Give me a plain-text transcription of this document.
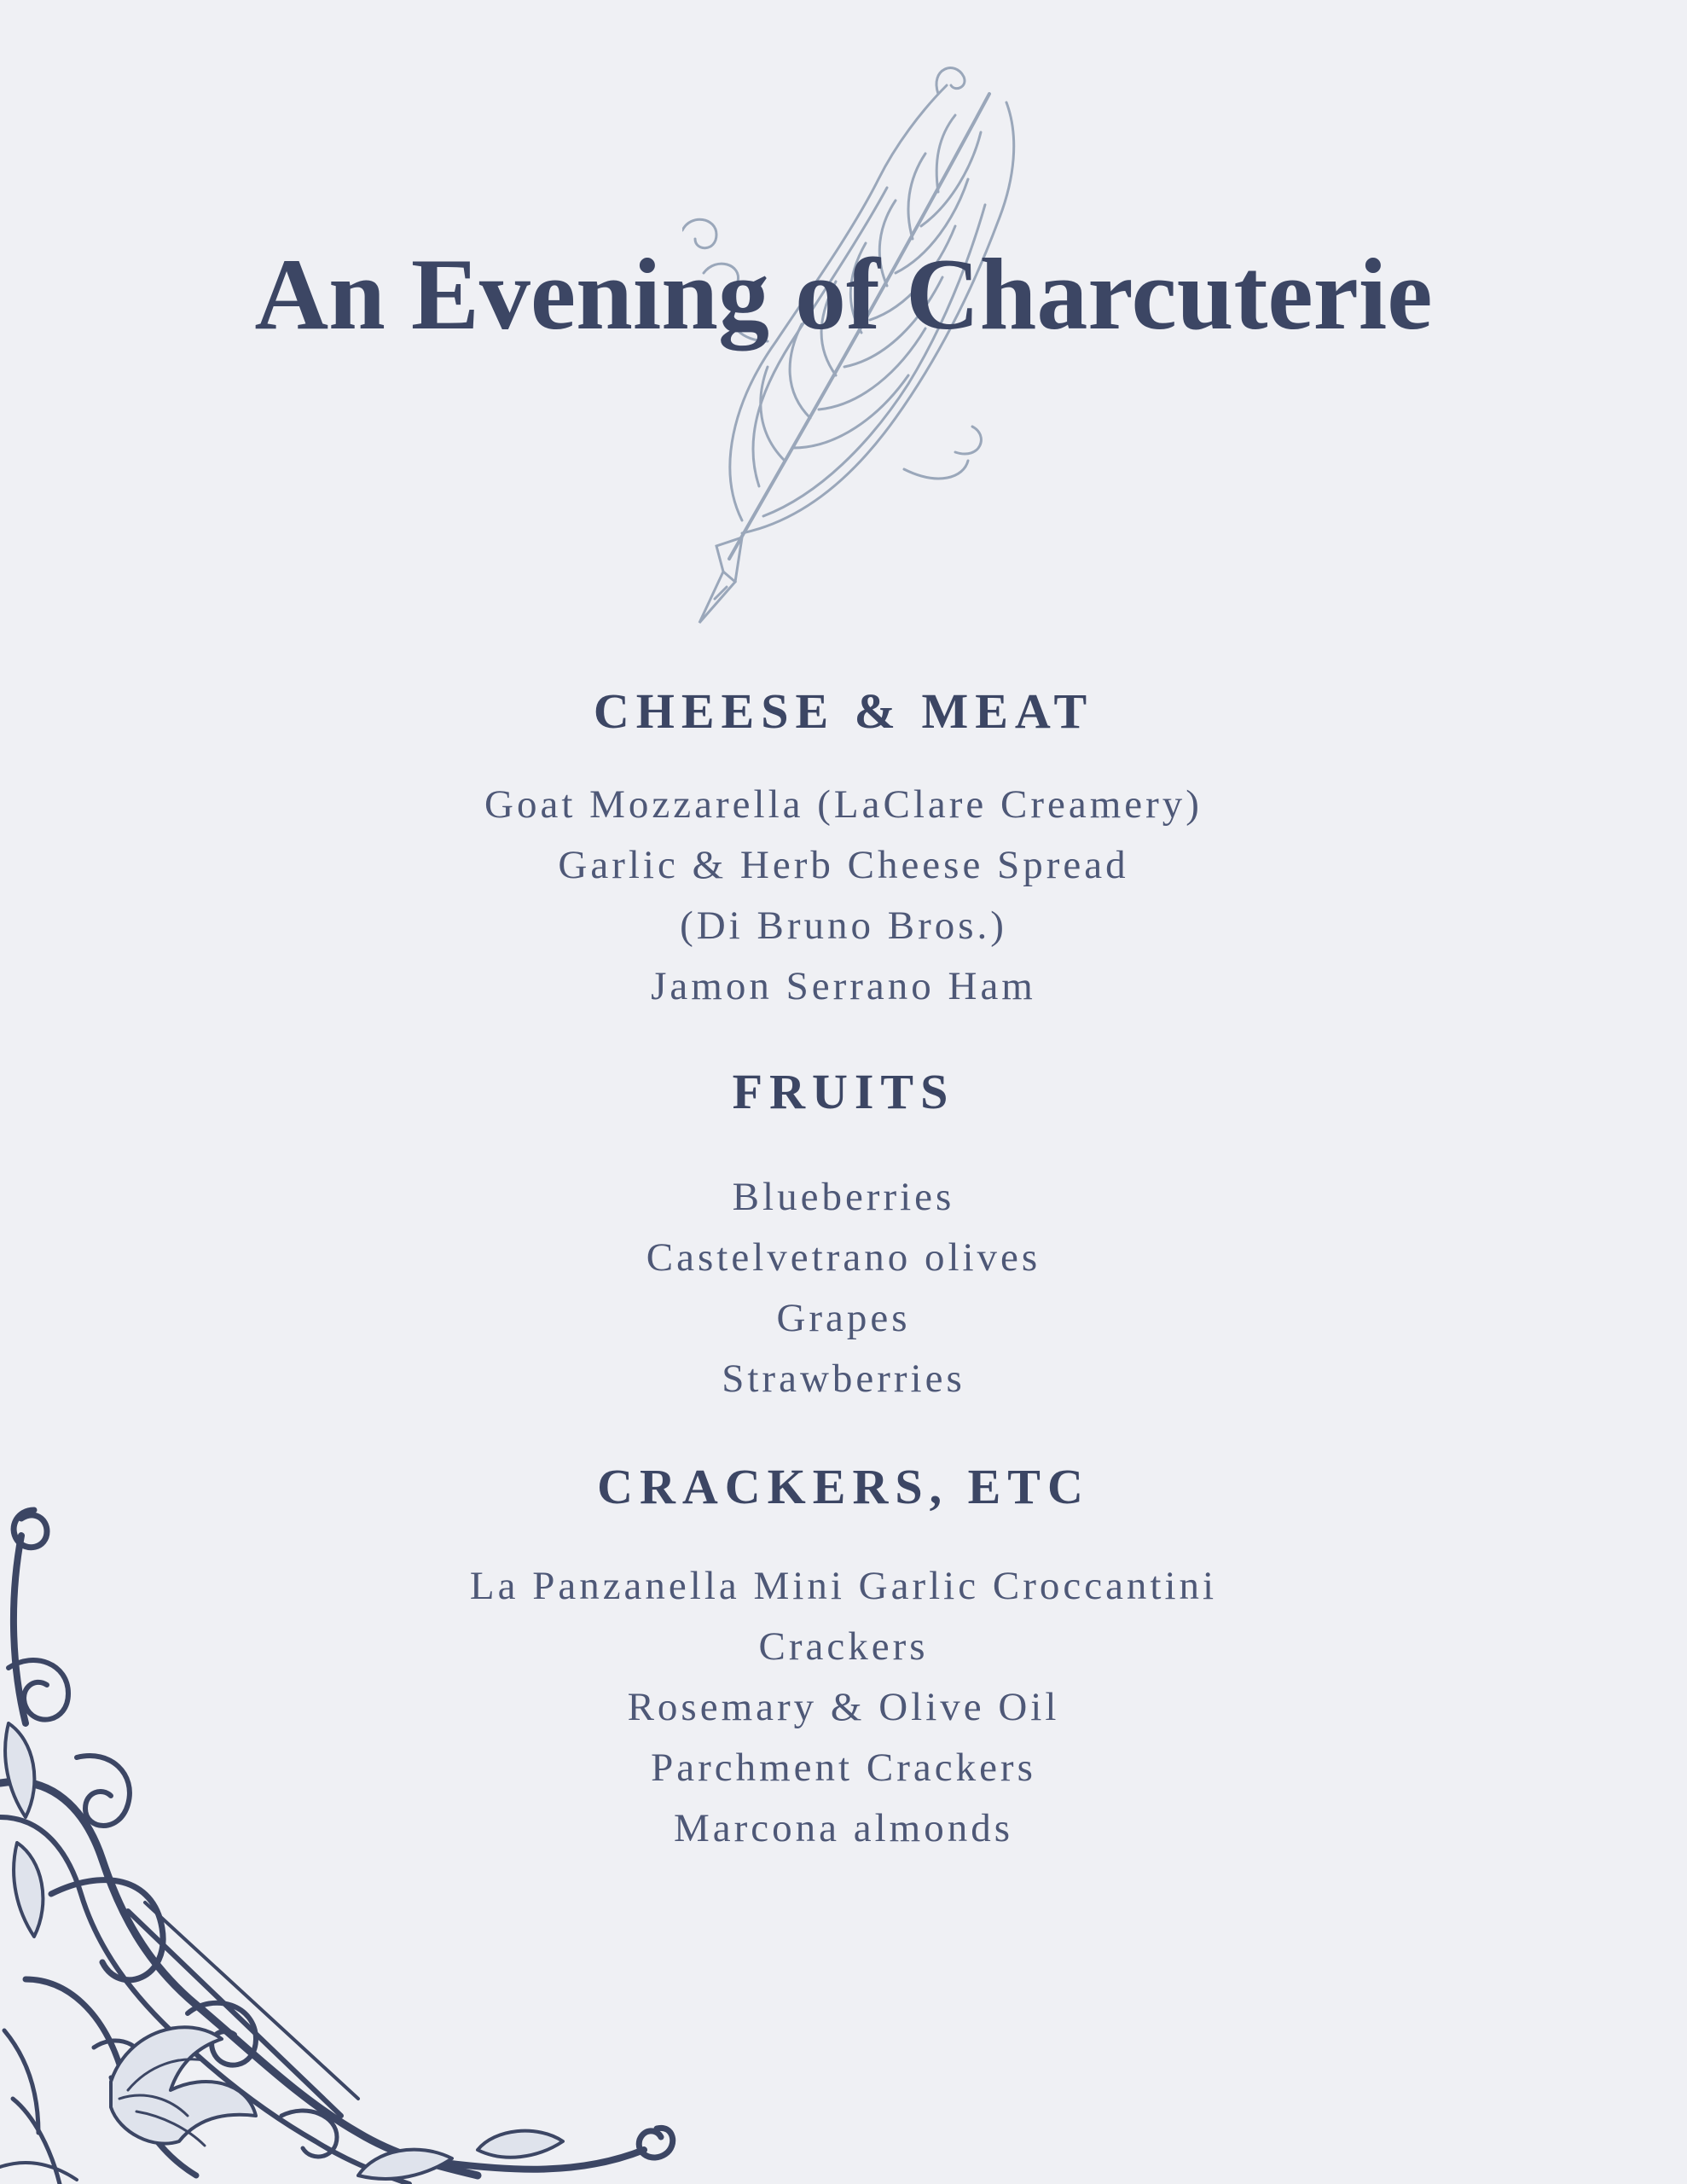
An Evening of Charcuterie
CHEESE & MEAT
Goat Mozzarella (LaClare Creamery)
Garlic & Herb Cheese Spread (Di Bruno Bros.)
Jamon Serrano Ham
FRUITS
Blueberries
Castelvetrano olives
Grapes
Strawberries
CRACKERS, ETC
La Panzanella Mini Garlic Croccantini Crackers
Rosemary & Olive Oil Parchment Crackers
Marcona almonds
